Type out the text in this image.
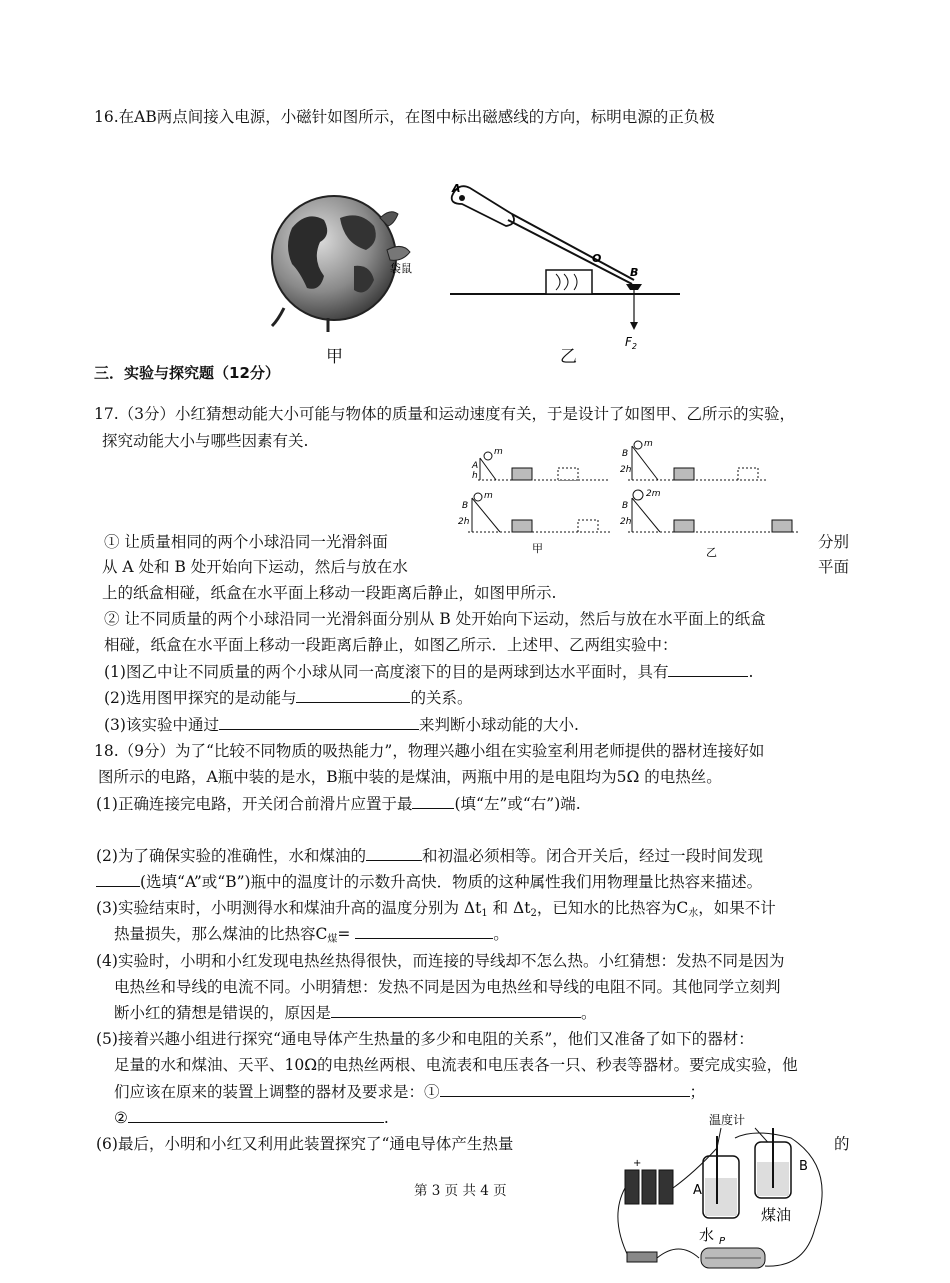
16.在AB两点间接入电源，小磁针如图所示，在图中标出磁感线的方向，标明电源的正负极
袋鼠
甲
A
O
B
$F_2$
乙
三．实验与探究题（12分）
17.（3分）小红猜想动能大小可能与物体的质量和运动速度有关，于是设计了如图甲、乙所示的实验，
探究动能大小与哪些因素有关.
m
A
h
m
B
2h
m
B
2h
2m
B
2h
甲	乙
① 让质量相同的两个小球沿同一光滑斜面	分别
从 A 处和 B 处开始向下运动，然后与放在水	平面
上的纸盒相碰，纸盒在水平面上移动一段距离后静止，如图甲所示.
② 让不同质量的两个小球沿同一光滑斜面分别从 B 处开始向下运动，然后与放在水平面上的纸盒
相碰，纸盒在水平面上移动一段距离后静止，如图乙所示．上述甲、乙两组实验中：
(1)图乙中让不同质量的两个小球从同一高度滚下的目的是两球到达水平面时，具有	.
(2)选用图甲探究的是动能与	的关系。
(3)该实验中通过	来判断小球动能的大小.
18.（9分）为了“比较不同物质的吸热能力”，物理兴趣小组在实验室利用老师提供的器材连接好如
图所示的电路，A瓶中装的是水，B瓶中装的是煤油，两瓶中用的是电阻均为5Ω 的电热丝。
(1)正确连接完电路，开关闭合前滑片应置于最	(填“左”或“右”)端.
(2)为了确保实验的准确性，水和煤油的	和初温必须相等。闭合开关后，经过一段时间发现
(选填“A”或“B”)瓶中的温度计的示数升高快．物质的这种属性我们用物理量比热容来描述。
(3)实验结束时，小明测得水和煤油升高的温度分别为 $\Delta t_1$ 和 $\Delta t_2$，已知水的比热容为$C_水$，如果不计
热量损失，那么煤油的比热容$C_煤=$	。
(4)实验时，小明和小红发现电热丝热得很快，而连接的导线却不怎么热。小红猜想：发热不同是因为
电热丝和导线的电流不同。小明猜想：发热不同是因为电热丝和导线的电阻不同。其他同学立刻判
断小红的猜想是错误的，原因是	。
(5)接着兴趣小组进行探究“通电导体产生热量的多少和电阻的关系”，他们又准备了如下的器材：
足量的水和煤油、天平、10Ω的电热丝两根、电流表和电压表各一只、秒表等器材。要完成实验，他
们应该在原来的装置上调整的器材及要求是：①	；
②	.
(6)最后，小明和小红又利用此装置探究了“通电导体产生热量	的
温度计
+
A
水
B
煤油
P
第 3 页 共 4 页
